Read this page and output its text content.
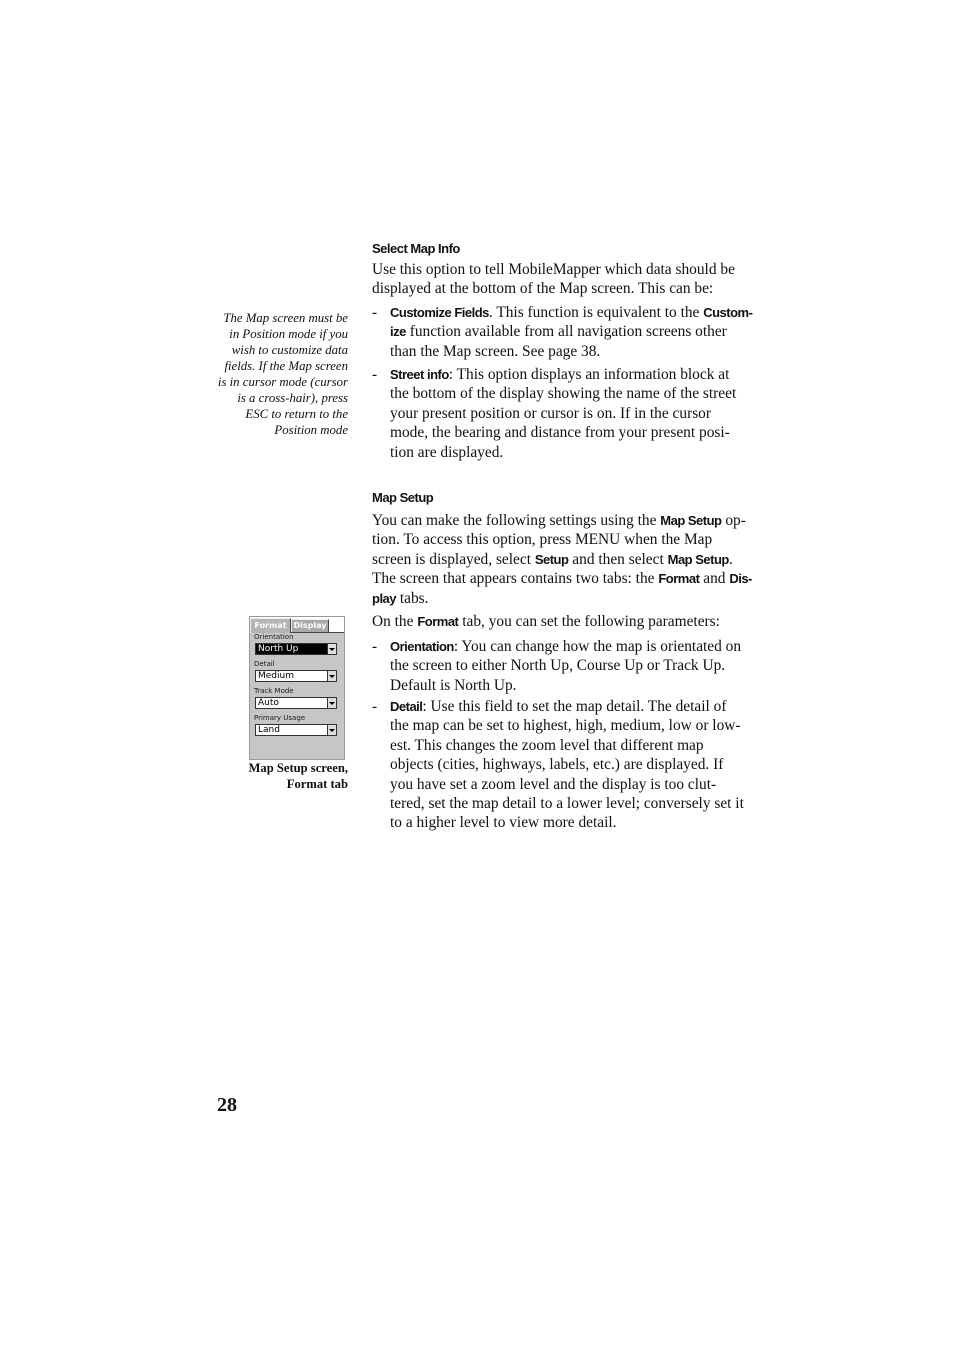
Select Map Info
Use this option to tell MobileMapper which data should be
displayed at the bottom of the Map screen. This can be:
- Customize Fields. This function is equivalent to the Custom-
ize function available from all navigation screens other
than the Map screen. See page 38.
- Street info: This option displays an information block at
the bottom of the display showing the name of the street
your present position or cursor is on. If in the cursor
mode, the bearing and distance from your present posi-
tion are displayed.
The Map screen must be
in Position mode if you
wish to customize data
fields. If the Map screen
is in cursor mode (cursor
is a cross-hair), press
ESC to return to the
Position mode
Map Setup
You can make the following settings using the Map Setup op-
tion. To access this option, press MENU when the Map
screen is displayed, select Setup and then select Map Setup.
The screen that appears contains two tabs: the Format and Dis-
play tabs.
On the Format tab, you can set the following parameters:
- Orientation: You can change how the map is orientated on
the screen to either North Up, Course Up or Track Up.
Default is North Up.
- Detail: Use this field to set the map detail. The detail of
the map can be set to highest, high, medium, low or low-
est. This changes the zoom level that different map
objects (cities, highways, labels, etc.) are displayed. If
you have set a zoom level and the display is too clut-
tered, set the map detail to a lower level; conversely set it
to a higher level to view more detail.
Format Display
Orientation
North Up
Detail
Medium
Track Mode
Auto
Primary Usage
Land
Map Setup screen,
Format tab
28
